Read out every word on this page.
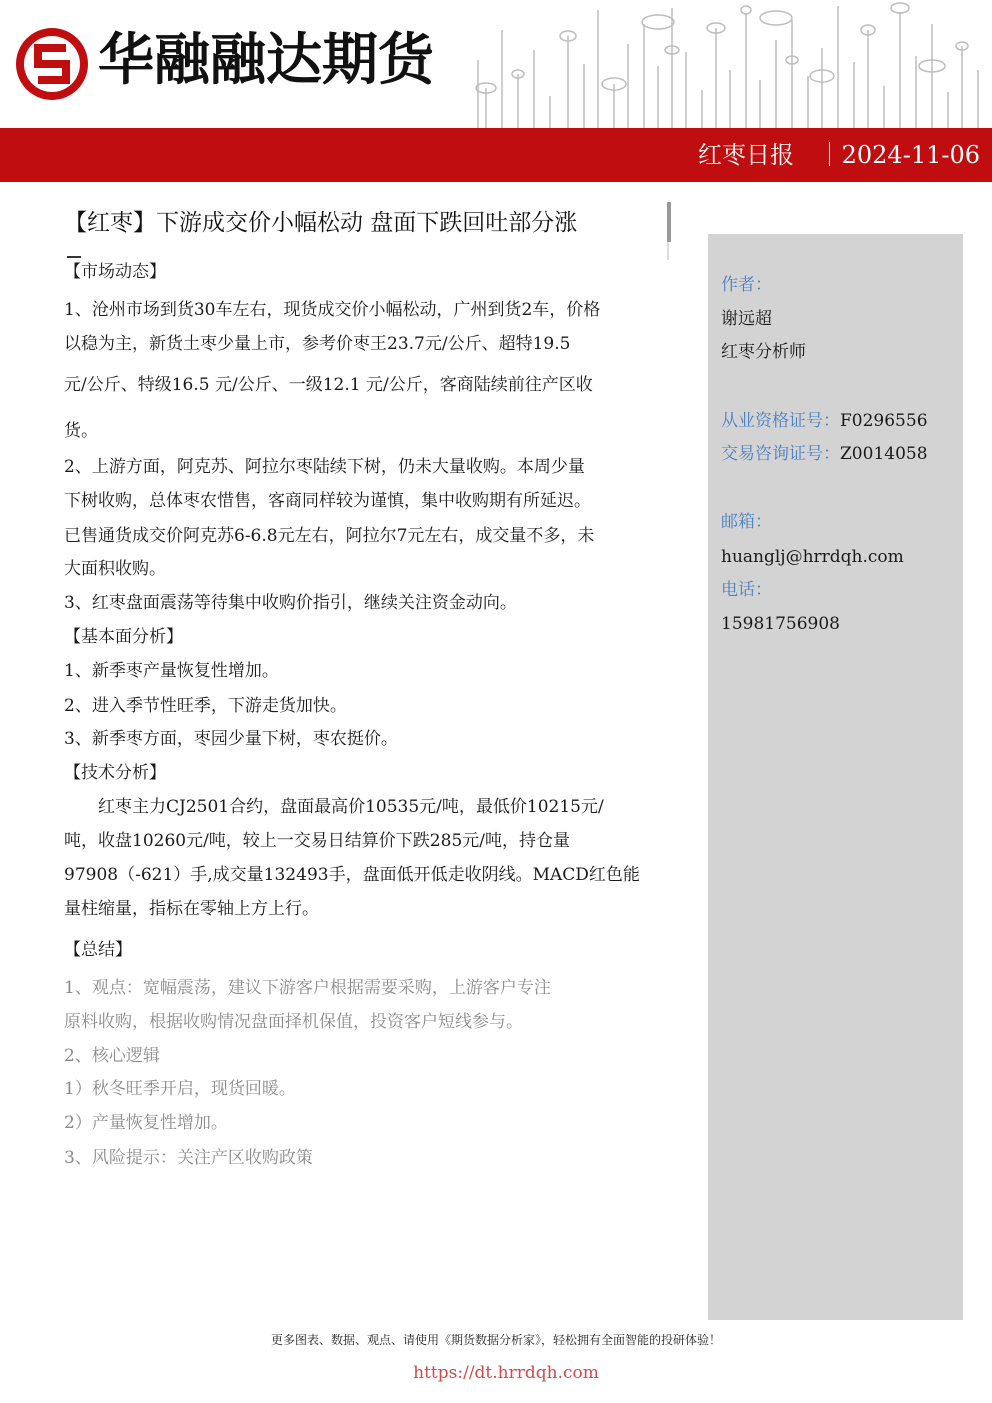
华融融达期货
红枣日报 2024-11-06
【红枣】下游成交价小幅松动 盘面下跌回吐部分涨
【市场动态】
1、沧州市场到货30车左右，现货成交价小幅松动，广州到货2车，价格
以稳为主，新货土枣少量上市，参考价枣王23.7元/公斤、超特19.5
元/公斤、特级16.5 元/公斤、一级12.1 元/公斤，客商陆续前往产区收
货。
2、上游方面，阿克苏、阿拉尔枣陆续下树，仍未大量收购。本周少量
下树收购，总体枣农惜售，客商同样较为谨慎，集中收购期有所延迟。
已售通货成交价阿克苏6-6.8元左右，阿拉尔7元左右，成交量不多，未
大面积收购。
3、红枣盘面震荡等待集中收购价指引，继续关注资金动向。
【基本面分析】
1、新季枣产量恢复性增加。
2、进入季节性旺季，下游走货加快。
3、新季枣方面，枣园少量下树，枣农挺价。
【技术分析】
　　红枣主力CJ2501合约，盘面最高价10535元/吨，最低价10215元/
吨，收盘10260元/吨，较上一交易日结算价下跌285元/吨，持仓量
97908（-621）手,成交量132493手，盘面低开低走收阴线。MACD红色能
量柱缩量，指标在零轴上方上行。
【总结】
1、观点：宽幅震荡，建议下游客户根据需要采购，上游客户专注
原料收购，根据收购情况盘面择机保值，投资客户短线参与。
2、核心逻辑
1）秋冬旺季开启，现货回暖。
2）产量恢复性增加。
3、风险提示：关注产区收购政策
作者：
谢远超
红枣分析师
从业资格证号：F0296556
交易咨询证号：Z0014058
邮箱：
huanglj@hrrdqh.com
电话：
15981756908
更多图表、数据、观点、请使用《期货数据分析家》，轻松拥有全面智能的投研体验！
https://dt.hrrdqh.com
